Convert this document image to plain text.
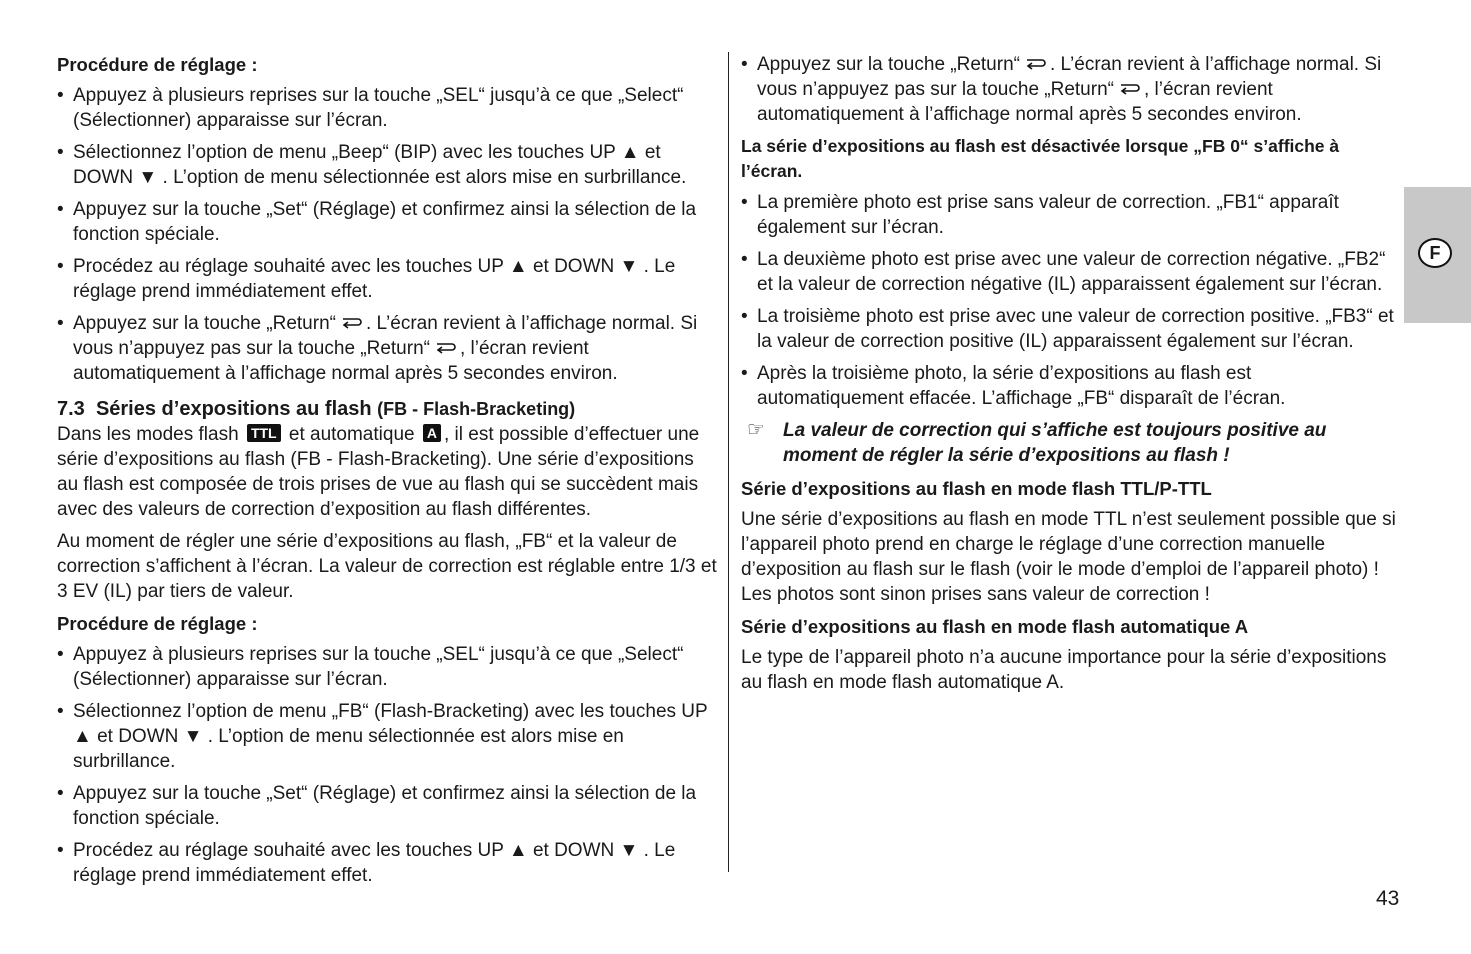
Procédure de réglage :
• Appuyez à plusieurs reprises sur la touche „SEL“ jusqu’à ce que „Select“ (Sélectionner) apparaisse sur l’écran.
• Sélectionnez l’option de menu „Beep“ (BIP) avec les touches UP ▲ et DOWN ▼ . L’option de menu sélectionnée est alors mise en surbrillance.
• Appuyez sur la touche „Set“ (Réglage) et confirmez ainsi la sélection de la fonction spéciale.
• Procédez au réglage souhaité avec les touches UP ▲ et DOWN ▼ . Le réglage prend immédiatement effet.
• Appuyez sur la touche „Return“ . L’écran revient à l’affichage normal. Si vous n’appuyez pas sur la touche „Return“ , l’écran revient automatiquement à l’affichage normal après 5 secondes environ.
7.3 Séries d’expositions au flash (FB - Flash-Bracketing)

Dans les modes flash TTL et automatique A , il est possible d’effectuer une série d’expositions au flash (FB - Flash-Bracketing). Une série d’expositions au flash est composée de trois prises de vue au flash qui se succèdent mais avec des valeurs de correction d’exposition au flash différentes.

Au moment de régler une série d’expositions au flash, „FB“ et la valeur de correction s’affichent à l’écran. La valeur de correction est réglable entre 1/3 et 3 EV (IL) par tiers de valeur.

Procédure de réglage :
• Appuyez à plusieurs reprises sur la touche „SEL“ jusqu’à ce que „Select“ (Sélectionner) apparaisse sur l’écran.
• Sélectionnez l’option de menu „FB“ (Flash-Bracketing) avec les touches UP ▲ et DOWN ▼ . L’option de menu sélectionnée est alors mise en surbrillance.
• Appuyez sur la touche „Set“ (Réglage) et confirmez ainsi la sélection de la fonction spéciale.
• Procédez au réglage souhaité avec les touches UP ▲ et DOWN ▼ . Le réglage prend immédiatement effet.
• Appuyez sur la touche „Return“ . L’écran revient à l’affichage normal. Si vous n’appuyez pas sur la touche „Return“ , l’écran revient automatiquement à l’affichage normal après 5 secondes environ.
La série d’expositions au flash est désactivée lorsque „FB 0“ s’affiche à l’écran.
• La première photo est prise sans valeur de correction. „FB1“ apparaît également sur l’écran.
• La deuxième photo est prise avec une valeur de correction négative. „FB2“ et la valeur de correction négative (IL) apparaissent également sur l’écran.
• La troisième photo est prise avec une valeur de correction positive. „FB3“ et la valeur de correction positive (IL) apparaissent également sur l’écran.
• Après la troisième photo, la série d’expositions au flash est automatiquement effacée. L’affichage „FB“ disparaît de l’écran.
☞ La valeur de correction qui s’affiche est toujours positive au moment de régler la série d’expositions au flash !
Série d’expositions au flash en mode flash TTL/P-TTL

Une série d’expositions au flash en mode TTL n’est seulement possible que si l’appareil photo prend en charge le réglage d’une correction manuelle d’exposition au flash sur le flash (voir le mode d’emploi de l’appareil photo) ! Les photos sont sinon prises sans valeur de correction !

Série d’expositions au flash en mode flash automatique A

Le type de l’appareil photo n’a aucune importance pour la série d’expositions au flash en mode flash automatique A.

F
43
